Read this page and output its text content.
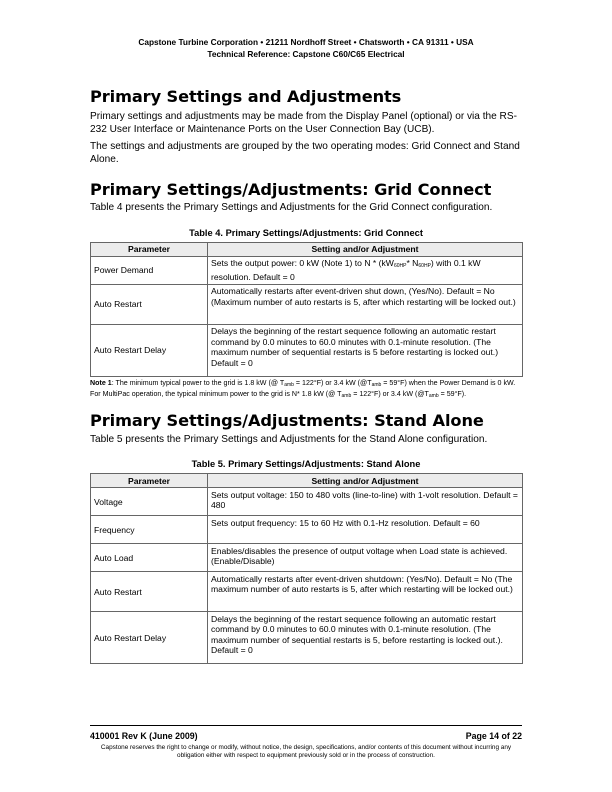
Capstone Turbine Corporation • 21211 Nordhoff Street • Chatsworth • CA 91311 • USA
Technical Reference: Capstone C60/C65 Electrical
Primary Settings and Adjustments

Primary settings and adjustments may be made from the Display Panel (optional) or via the RS-232 User Interface or Maintenance Ports on the User Connection Bay (UCB).

The settings and adjustments are grouped by the two operating modes: Grid Connect and Stand Alone.

Primary Settings/Adjustments: Grid Connect

Table 4 presents the Primary Settings and Adjustments for the Grid Connect configuration.

Table 4. Primary Settings/Adjustments: Grid Connect
Parameter	Setting and/or Adjustment
Power Demand	Sets the output power: 0 kW (Note 1) to N * ($kW_{60HP}*$ $N_{60HP}$) with 0.1 kW resolution. Default = 0
Auto Restart	Automatically restarts after event-driven shut down, (Yes/No). Default = No (Maximum number of auto restarts is 5, after which restarting will be locked out.)
Auto Restart Delay	Delays the beginning of the restart sequence following an automatic restart command by 0.0 minutes to 60.0 minutes with 0.1-minute resolution. (The maximum number of sequential restarts is 5 before restarting is locked out.) Default = 0

Note 1: The minimum typical power to the grid is 1.8 kW (@ $T_{amb} = 122^\circ F$) or 3.4 kW $(@T_{amb} = 59^\circ F)$ when the Power Demand is 0 kW. For MultiPac operation, the typical minimum power to the grid is N* 1.8 kW (@ $T_{amb} = 122^\circ F$) or 3.4 kW $(@T_{amb} = 59^\circ F)$.

Primary Settings/Adjustments: Stand Alone

Table 5 presents the Primary Settings and Adjustments for the Stand Alone configuration.

Table 5. Primary Settings/Adjustments: Stand Alone
Parameter	Setting and/or Adjustment
Voltage	Sets output voltage: 150 to 480 volts (line-to-line) with 1-volt resolution. Default = 480
Frequency	Sets output frequency: 15 to 60 Hz with 0.1-Hz resolution. Default = 60
Auto Load	Enables/disables the presence of output voltage when Load state is achieved. (Enable/Disable)
Auto Restart	Automatically restarts after event-driven shutdown: (Yes/No). Default = No (The maximum number of auto restarts is 5, after which restarting will be locked out.)
Auto Restart Delay	Delays the beginning of the restart sequence following an automatic restart command by 0.0 minutes to 60.0 minutes with 0.1-minute resolution. (The maximum number of sequential restarts is 5, before restarting is locked out.). Default = 0
410001 Rev K (June 2009)	Page 14 of 22
Capstone reserves the right to change or modify, without notice, the design, specifications, and/or contents of this document without incurring any obligation either with respect to equipment previously sold or in the process of construction.
